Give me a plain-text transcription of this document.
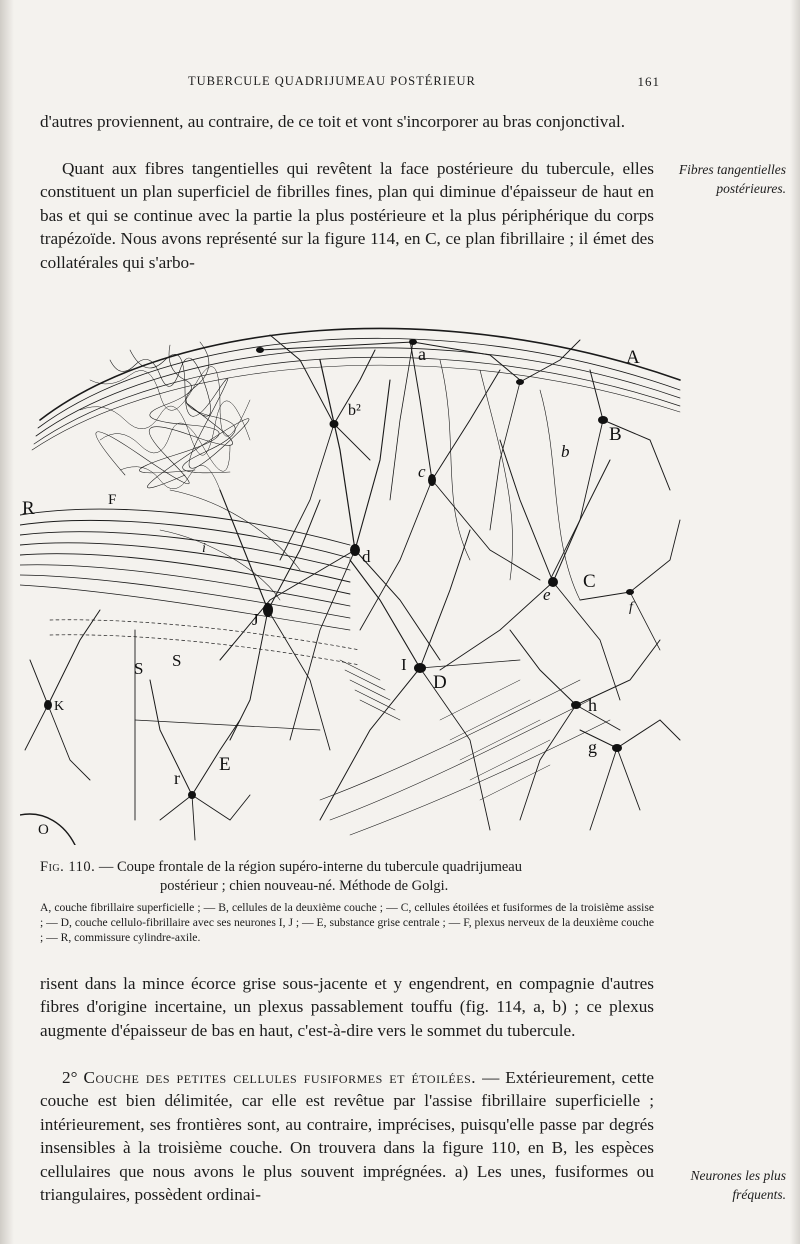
TUBERCULE QUADRIJUMEAU POSTÉRIEUR	161

d'autres proviennent, au contraire, de ce toit et vont s'incorporer au bras conjonctival.

Quant aux fibres tangentielles qui revêtent la face postérieure du tubercule, elles constituent un plan superficiel de fibrilles fines, plan qui diminue d'épaisseur de haut en bas et qui se continue avec la partie la plus postérieure et la plus périphérique du corps trapézoïde. Nous avons représenté sur la figure 114, en C, ce plan fibrillaire ; il émet des collatérales qui s'arbo-

Fibres tangentielles postérieures.
A
B
C
D
E
F
R
K
O
a
b
b²
c
d
e
f
g
h
i
I
J
r
S S

Fig. 110. — Coupe frontale de la région supéro-interne du tubercule quadrijumeau
postérieur ; chien nouveau-né. Méthode de Golgi.

A, couche fibrillaire superficielle ; — B, cellules de la deuxième couche ; — C, cellules étoilées et fusiformes de la troisième assise ; — D, couche cellulo-fibrillaire avec ses neurones I, J ; — E, substance grise centrale ; — F, plexus nerveux de la deuxième couche ; — R, commissure cylindre-axile.

risent dans la mince écorce grise sous-jacente et y engendrent, en compagnie d'autres fibres d'origine incertaine, un plexus passablement touffu (fig. 114, a, b) ; ce plexus augmente d'épaisseur de bas en haut, c'est-à-dire vers le sommet du tubercule.

2° Couche des petites cellules fusiformes et étoilées. — Extérieurement, cette couche est bien délimitée, car elle est revêtue par l'assise fibrillaire superficielle ; intérieurement, ses frontières sont, au contraire, imprécises, puisqu'elle passe par degrés insensibles à la troisième couche. On trouvera dans la figure 110, en B, les espèces cellulaires que nous avons le plus souvent imprégnées. a) Les unes, fusiformes ou triangulaires, possèdent ordinai-

Neurones les plus fréquents.
